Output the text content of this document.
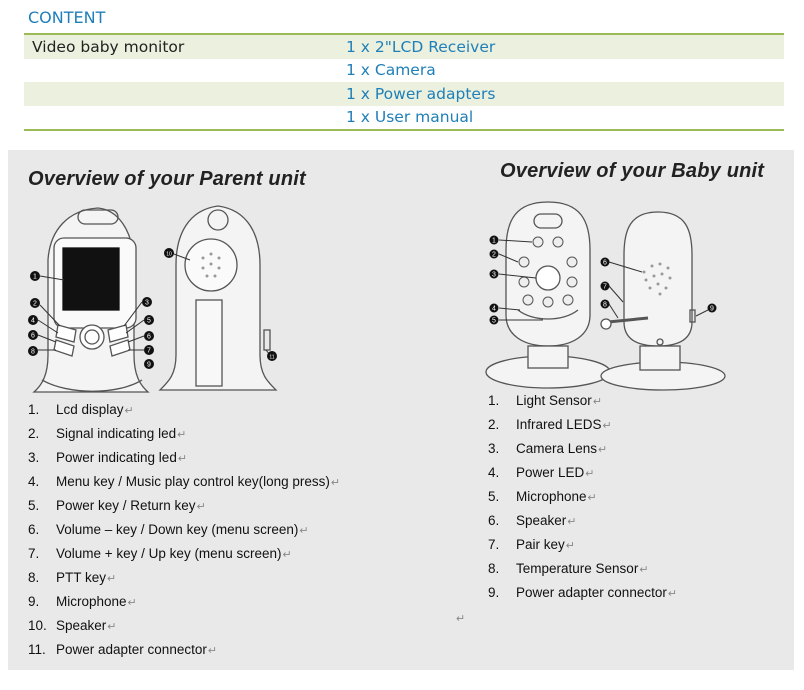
CONTENT
Video baby monitor	1 x 2"LCD Receiver
1 x Camera
1 x Power adapters
1 x User manual
Overview of your Parent unit	Overview of your Baby unit
1
2
4
6
8
3
5
6
7
9
10
11
1
2
3
4
5
6
7
8
9
1. Lcd display↵
2. Signal indicating led↵
3. Power indicating led↵
4. Menu key / Music play control key(long press)↵
5. Power key / Return key↵
6. Volume – key / Down key (menu screen)↵
7. Volume + key / Up key (menu screen)↵
8. PTT key↵
9. Microphone↵
10. Speaker↵
11. Power adapter connector↵
1. Light Sensor↵
2. Infrared LEDS↵
3. Camera Lens↵
4. Power LED↵
5. Microphone↵
6. Speaker↵
7. Pair key↵
8. Temperature Sensor↵
9. Power adapter connector↵
↵
